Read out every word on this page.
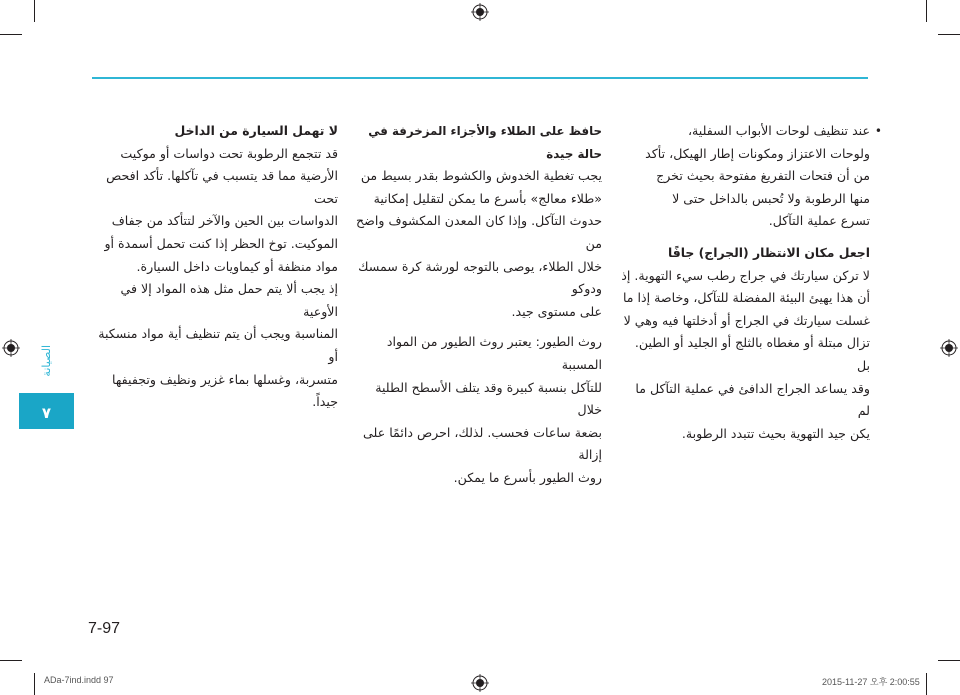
•

عند تنظيف لوحات الأبواب السفلية،

ولوحات الاعتزاز ومكونات إطار الهيكل، تأكد

من أن فتحات التفريغ مفتوحة بحيث تخرج

منها الرطوبة ولا تُحبس بالداخل حتى لا

تسرع عملية التآكل.

اجعل مكان الانتظار (الجراج) جافًا

لا تركن سيارتك في جراج رطب سيء التهوية. إذ

أن هذا يهيئ البيئة المفضلة للتآكل، وخاصة إذا ما

غسلت سيارتك في الجراج أو أدخلتها فيه وهي لا

تزال مبتلة أو مغطاه بالثلج أو الجليد أو الطين. بل

وقد يساعد الجراج الدافئ في عملية التآكل ما لم

يكن جيد التهوية بحيث تتبدد الرطوبة.

حافظ على الطلاء والأجزاء المزخرفة في حالة جيدة

يجب تغطية الخدوش والكشوط بقدر بسيط من

«طلاء معالج» بأسرع ما يمكن لتقليل إمكانية

حدوث التآكل. وإذا كان المعدن المكشوف واضح من

خلال الطلاء، يوصى بالتوجه لورشة كرة سمسك ودوكو

على مستوى جيد.

روث الطيور: يعتبر روث الطيور من المواد المسببة

للتآكل بنسبة كبيرة وقد يتلف الأسطح الطلية خلال

بضعة ساعات فحسب. لذلك، احرص دائمًا على إزالة

روث الطيور بأسرع ما يمكن.

لا تهمل السيارة من الداخل

قد تتجمع الرطوبة تحت دواسات أو موكيت

الأرضية مما قد يتسبب في تآكلها. تأكد افحص تحت

الدواسات بين الحين والآخر لتتأكد من جفاف

الموكيت. توخ الحظر إذا كنت تحمل أسمدة أو

مواد منظفة أو كيماويات داخل السيارة.

إذ يجب ألا يتم حمل مثل هذه المواد إلا في الأوعية

المناسبة ويجب أن يتم تنظيف أية مواد منسكبة أو

متسربة، وغسلها بماء غزير ونظيف وتجفيفها جيداً.

الصيانة
٧
7-97
ADa-7ind.indd 97	2015-11-27 오후 2:00:55
